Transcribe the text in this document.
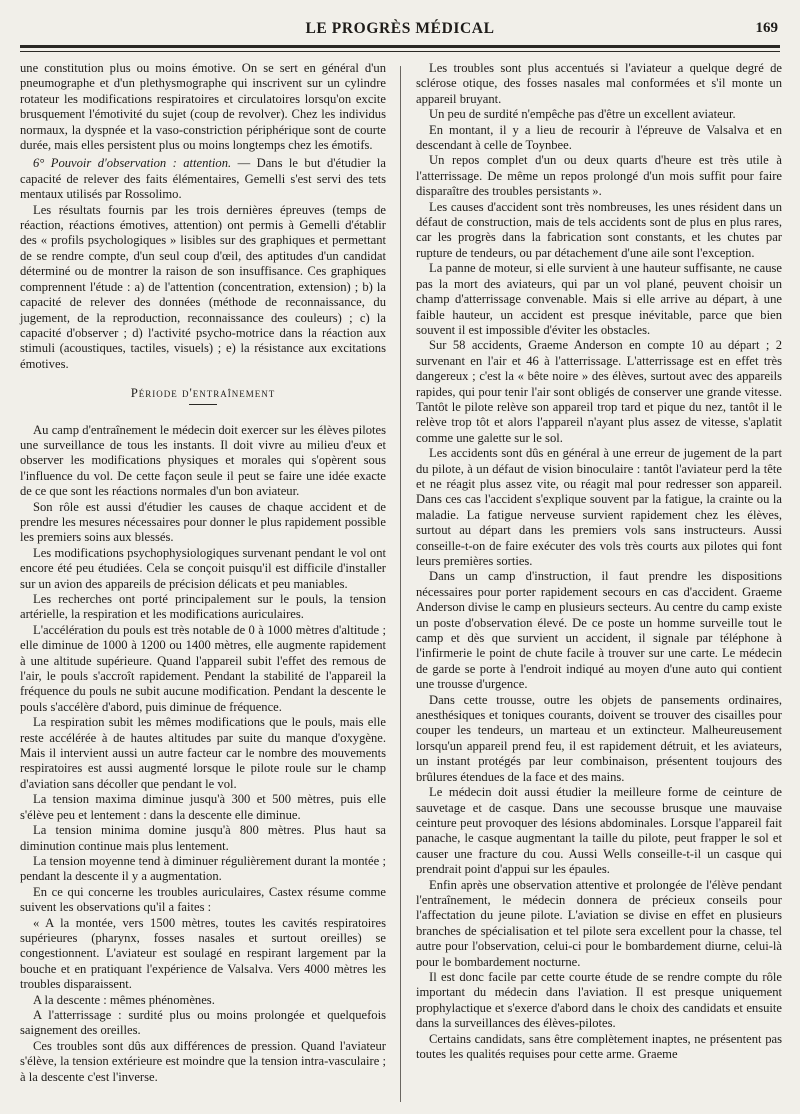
LE PROGRÈS MÉDICAL	169

une constitution plus ou moins émotive. On se sert en général d'un pneumographe et d'un plethysmographe qui inscrivent sur un cylindre rotateur les modifications respiratoires et circulatoires lorsqu'on excite brusquement l'émotivité du sujet (coup de revolver). Chez les individus normaux, la dyspnée et la vaso-constriction périphérique sont de courte durée, mais elles persistent plus ou moins longtemps chez les émotifs.

6° Pouvoir d'observation : attention. — Dans le but d'étudier la capacité de relever des faits élémentaires, Gemelli s'est servi des tets mentaux utilisés par Rossolimo.

Les résultats fournis par les trois dernières épreuves (temps de réaction, réactions émotives, attention) ont permis à Gemelli d'établir des « profils psychologiques » lisibles sur des graphiques et permettant de se rendre compte, d'un seul coup d'œil, des aptitudes d'un candidat déterminé ou de montrer la raison de son insuffisance. Ces graphiques comprennent l'étude : a) de l'attention (concentration, extension) ; b) la capacité de relever des données (méthode de reconnaissance, du jugement, de la reproduction, reconnaissance des couleurs) ; c) la capacité d'observer ; d) l'activité psycho-motrice dans la réaction aux stimuli (acoustiques, tactiles, visuels) ; e) la résistance aux excitations émotives.

Période d'entraînement

Au camp d'entraînement le médecin doit exercer sur les élèves pilotes une surveillance de tous les instants. Il doit vivre au milieu d'eux et observer les modifications physiques et morales qui s'opèrent sous l'influence du vol. De cette façon seule il peut se faire une idée exacte de ce que sont les réactions normales d'un bon aviateur.

Son rôle est aussi d'étudier les causes de chaque accident et de prendre les mesures nécessaires pour donner le plus rapidement possible les premiers soins aux blessés.

Les modifications psychophysiologiques survenant pendant le vol ont encore été peu étudiées. Cela se conçoit puisqu'il est difficile d'installer sur un avion des appareils de précision délicats et peu maniables.

Les recherches ont porté principalement sur le pouls, la tension artérielle, la respiration et les modifications auriculaires.

L'accélération du pouls est très notable de 0 à 1000 mètres d'altitude ; elle diminue de 1000 à 1200 ou 1400 mètres, elle augmente rapidement à une altitude supérieure. Quand l'appareil subit l'effet des remous de l'air, le pouls s'accroît rapidement. Pendant la stabilité de l'appareil la fréquence du pouls ne subit aucune modification. Pendant la descente le pouls s'accélère d'abord, puis diminue de fréquence.

La respiration subit les mêmes modifications que le pouls, mais elle reste accélérée à de hautes altitudes par suite du manque d'oxygène. Mais il intervient aussi un autre facteur car le nombre des mouvements respiratoires est aussi augmenté lorsque le pilote roule sur le champ d'aviation sans décoller que pendant le vol.

La tension maxima diminue jusqu'à 300 et 500 mètres, puis elle s'élève peu et lentement : dans la descente elle diminue.

La tension minima domine jusqu'à 800 mètres. Plus haut sa diminution continue mais plus lentement.

La tension moyenne tend à diminuer régulièrement durant la montée ; pendant la descente il y a augmentation.

En ce qui concerne les troubles auriculaires, Castex résume comme suivent les observations qu'il a faites :

« A la montée, vers 1500 mètres, toutes les cavités respiratoires supérieures (pharynx, fosses nasales et surtout oreilles) se congestionnent. L'aviateur est soulagé en respirant largement par la bouche et en pratiquant l'expérience de Valsalva. Vers 4000 mètres les troubles disparaissent.

A la descente : mêmes phénomènes.

A l'atterrissage : surdité plus ou moins prolongée et quelquefois saignement des oreilles.

Ces troubles sont dûs aux différences de pression. Quand l'aviateur s'élève, la tension extérieure est moindre que la tension intra-vasculaire ; à la descente c'est l'inverse.

Les troubles sont plus accentués si l'aviateur a quelque degré de sclérose otique, des fosses nasales mal conformées et s'il monte un appareil bruyant.

Un peu de surdité n'empêche pas d'être un excellent aviateur.

En montant, il y a lieu de recourir à l'épreuve de Valsalva et en descendant à celle de Toynbee.

Un repos complet d'un ou deux quarts d'heure est très utile à l'atterrissage. De même un repos prolongé d'un mois suffit pour faire disparaître des troubles persistants ».

Les causes d'accident sont très nombreuses, les unes résident dans un défaut de construction, mais de tels accidents sont de plus en plus rares, car les progrès dans la fabrication sont constants, et les chutes par rupture de tendeurs, ou par détachement d'une aile sont l'exception.

La panne de moteur, si elle survient à une hauteur suffisante, ne cause pas la mort des aviateurs, qui par un vol plané, peuvent choisir un champ d'atterrissage convenable. Mais si elle arrive au départ, à une faible hauteur, un accident est presque inévitable, parce que bien souvent il est impossible d'éviter les obstacles.

Sur 58 accidents, Graeme Anderson en compte 10 au départ ; 2 survenant en l'air et 46 à l'atterrissage. L'atterrissage est en effet très dangereux ; c'est la « bête noire » des élèves, surtout avec des appareils rapides, qui pour tenir l'air sont obligés de conserver une grande vitesse. Tantôt le pilote relève son appareil trop tard et pique du nez, tantôt il le relève trop tôt et alors l'appareil n'ayant plus assez de vitesse, s'aplatit comme une galette sur le sol.

Les accidents sont dûs en général à une erreur de jugement de la part du pilote, à un défaut de vision binoculaire : tantôt l'aviateur perd la tête et ne réagit plus assez vite, ou réagit mal pour redresser son appareil. Dans ces cas l'accident s'explique souvent par la fatigue, la crainte ou la maladie. La fatigue nerveuse survient rapidement chez les élèves, surtout au départ dans les premiers vols sans instructeurs. Aussi conseille-t-on de faire exécuter des vols très courts aux pilotes qui font leurs premières sorties.

Dans un camp d'instruction, il faut prendre les dispositions nécessaires pour porter rapidement secours en cas d'accident. Graeme Anderson divise le camp en plusieurs secteurs. Au centre du camp existe un poste d'observation élevé. De ce poste un homme surveille tout le camp et dès que survient un accident, il signale par téléphone à l'infirmerie le point de chute facile à trouver sur une carte. Le médecin de garde se porte à l'endroit indiqué au moyen d'une auto qui contient une trousse d'urgence.

Dans cette trousse, outre les objets de pansements ordinaires, anesthésiques et toniques courants, doivent se trouver des cisailles pour couper les tendeurs, un marteau et un extincteur. Malheureusement lorsqu'un appareil prend feu, il est rapidement détruit, et les aviateurs, un instant protégés par leur combinaison, présentent toujours des brûlures étendues de la face et des mains.

Le médecin doit aussi étudier la meilleure forme de ceinture de sauvetage et de casque. Dans une secousse brusque une mauvaise ceinture peut provoquer des lésions abdominales. Lorsque l'appareil fait panache, le casque augmentant la taille du pilote, peut frapper le sol et causer une fracture du cou. Aussi Wells conseille-t-il un casque qui prendrait point d'appui sur les épaules.

Enfin après une observation attentive et prolongée de l'élève pendant l'entraînement, le médecin donnera de précieux conseils pour l'affectation du jeune pilote. L'aviation se divise en effet en plusieurs branches de spécialisation et tel pilote sera excellent pour la chasse, tel autre pour l'observation, celui-ci pour le bombardement diurne, celui-là pour le bombardement nocturne.

Il est donc facile par cette courte étude de se rendre compte du rôle important du médecin dans l'aviation. Il est presque uniquement prophylactique et s'exerce d'abord dans le choix des candidats et ensuite dans la surveillances des élèves-pilotes.

Certains candidats, sans être complètement inaptes, ne présentent pas toutes les qualités requises pour cette arme. Graeme
